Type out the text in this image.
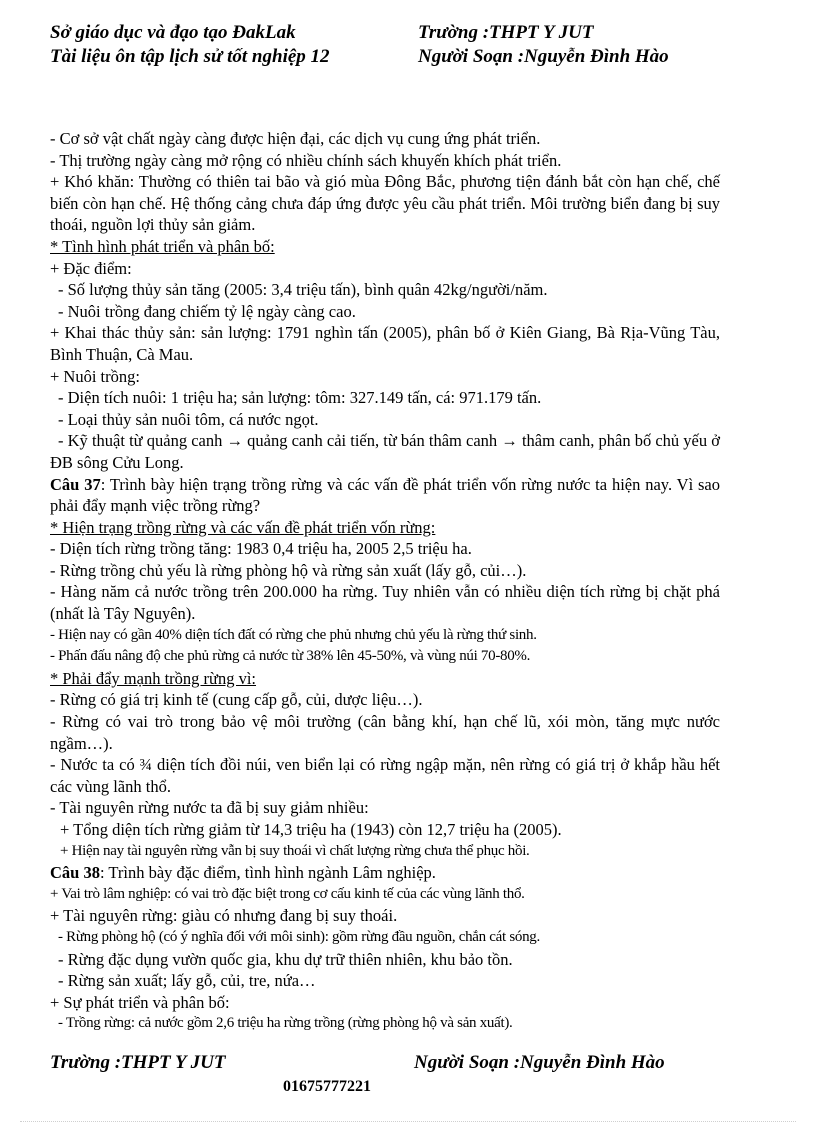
Sở giáo dục và đạo tạo ĐakLak	Trường :THPT Y JUT
Tài liệu ôn tập lịch sử tốt nghiệp 12	Người Soạn :Nguyễn Đình Hào

- Cơ sở vật chất ngày càng được hiện đại, các dịch vụ cung ứng phát triển.

- Thị trường ngày càng mở rộng có nhiều chính sách khuyến khích phát triển.

+ Khó khăn: Thường có thiên tai bão và gió mùa Đông Bắc, phương tiện đánh bắt còn hạn chế, chế biến còn hạn chế. Hệ thống cảng chưa đáp ứng được yêu cầu phát triển. Môi trường biển đang bị suy thoái, nguồn lợi thủy sản giảm.

* Tình hình phát triển và phân bố:

+ Đặc điểm:

- Số lượng thủy sản tăng (2005: 3,4 triệu tấn), bình quân 42kg/người/năm.

- Nuôi trồng đang chiếm tỷ lệ ngày càng cao.

+ Khai thác thủy sản: sản lượng: 1791 nghìn tấn (2005), phân bố ở Kiên Giang, Bà Rịa-Vũng Tàu, Bình Thuận, Cà Mau.

+ Nuôi trồng:

- Diện tích nuôi: 1 triệu ha; sản lượng: tôm: 327.149 tấn, cá: 971.179 tấn.

- Loại thủy sản nuôi tôm, cá nước ngọt.

- Kỹ thuật từ quảng canh → quảng canh cải tiến, từ bán thâm canh → thâm canh, phân bố chủ yếu ở ĐB sông Cửu Long.

Câu 37: Trình bày hiện trạng trồng rừng và các vấn đề phát triển vốn rừng nước ta hiện nay. Vì sao phải đẩy mạnh việc trồng rừng?

* Hiện trạng trồng rừng và các vấn đề phát triển vốn rừng:

- Diện tích rừng trồng tăng: 1983 0,4 triệu ha, 2005 2,5 triệu ha.

- Rừng trồng chủ yếu là rừng phòng hộ và rừng sản xuất (lấy gỗ, củi…).

- Hàng năm cả nước trồng trên 200.000 ha rừng. Tuy nhiên vẫn có nhiều diện tích rừng bị chặt phá (nhất là Tây Nguyên).

- Hiện nay có gần 40% diện tích đất có rừng che phủ nhưng chủ yếu là rừng thứ sinh.

- Phấn đấu nâng độ che phủ rừng cả nước từ 38% lên 45-50%, và vùng núi 70-80%.

* Phải đẩy mạnh trồng rừng vì:

- Rừng có giá trị kinh tế (cung cấp gỗ, củi, dược liệu…).

- Rừng có vai trò trong bảo vệ môi trường (cân bằng khí, hạn chế lũ, xói mòn, tăng mực nước ngầm…).

- Nước ta có ¾ diện tích đồi núi, ven biển lại có rừng ngập mặn, nên rừng có giá trị ở khắp hầu hết các vùng lãnh thổ.

- Tài nguyên rừng nước ta đã bị suy giảm nhiều:

+ Tổng diện tích rừng giảm từ 14,3 triệu ha (1943) còn 12,7 triệu ha (2005).

+ Hiện nay tài nguyên rừng vẫn bị suy thoái vì chất lượng rừng chưa thể phục hồi.

Câu 38: Trình bày đặc điểm, tình hình ngành Lâm nghiệp.

+ Vai trò lâm nghiệp: có vai trò đặc biệt trong cơ cấu kinh tế của các vùng lãnh thổ.

+ Tài nguyên rừng: giàu có nhưng đang bị suy thoái.

- Rừng phòng hộ (có ý nghĩa đối với môi sinh): gồm rừng đầu nguồn, chắn cát sóng.

- Rừng đặc dụng vườn quốc gia, khu dự trữ thiên nhiên, khu bảo tồn.

- Rừng sản xuất; lấy gỗ, củi, tre, nứa…

+ Sự phát triển và phân bố:

- Trồng rừng: cả nước gồm 2,6 triệu ha rừng trồng (rừng phòng hộ và sản xuất).

Trường :THPT Y JUT	Người Soạn :Nguyễn Đình Hào
01675777221
